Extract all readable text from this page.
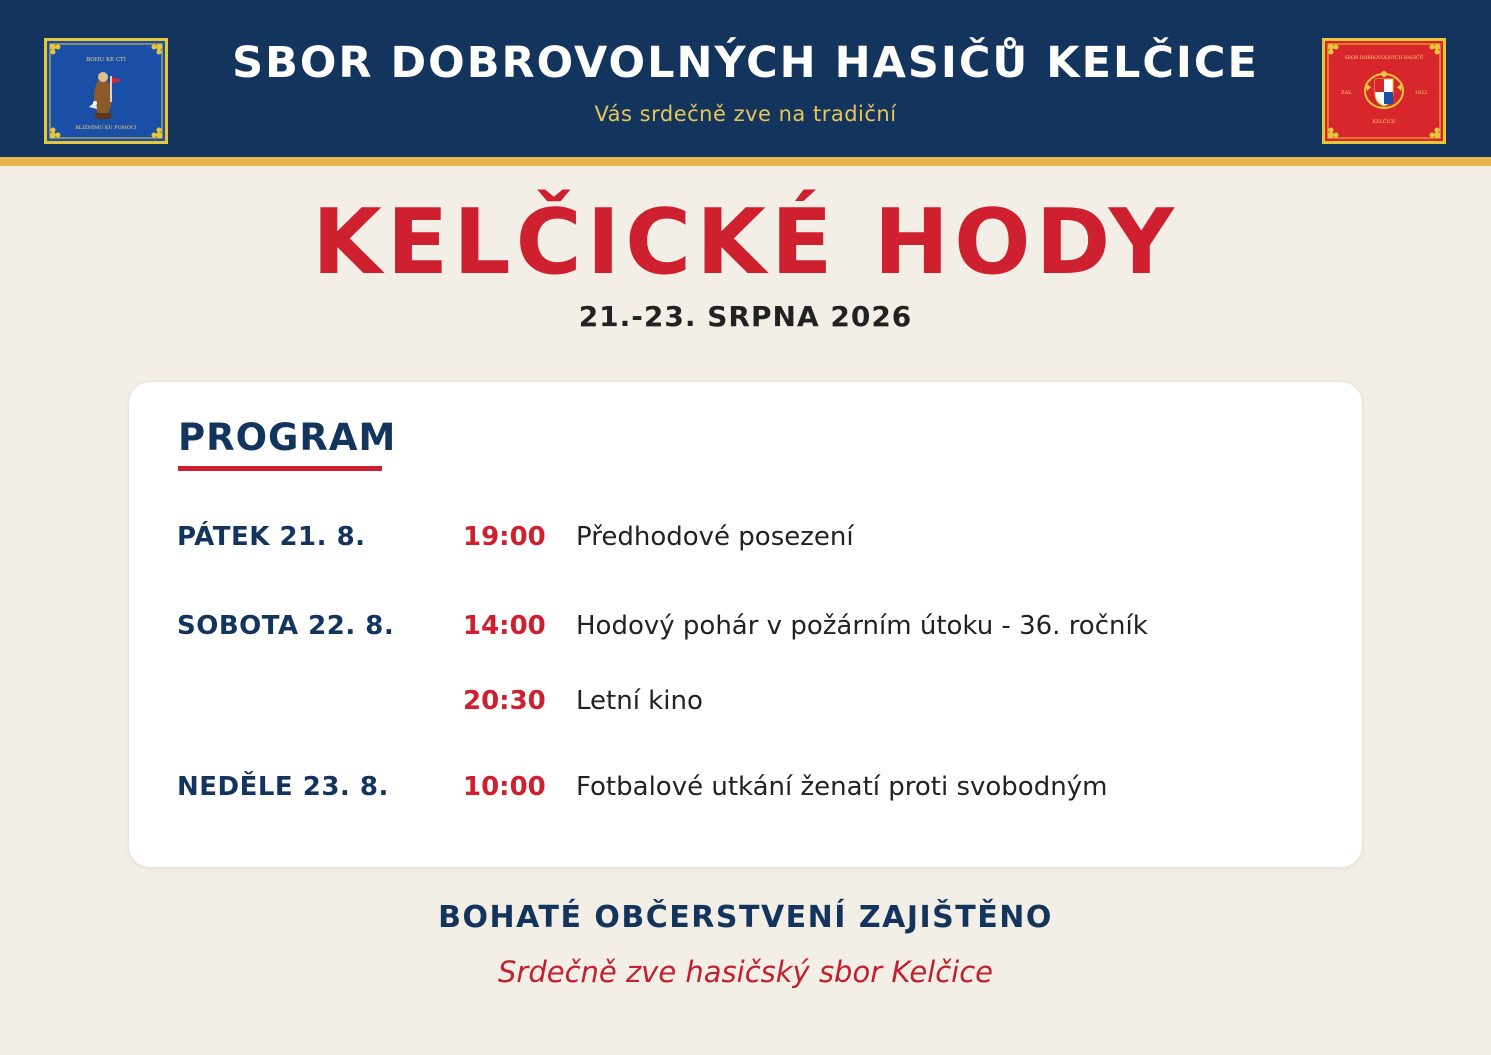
BOHU KE CTI
BLIŽNÍMU KU POMOCI
SBOR DOBROVOLNÝCH HASIČŮ KELČICE
Vás srdečně zve na tradiční
SBOR DOBROVOLNÝCH HASIČŮ
ZAL.	1922
KELČICE
KELČICKÉ HODY
21.-23. SRPNA 2026
PROGRAM
PÁTEK 21. 8.	19:00 Předhodové posezení
SOBOTA 22. 8.	14:00 Hodový pohár v požárním útoku - 36. ročník
20:30 Letní kino
NEDĚLE 23. 8.	10:00 Fotbalové utkání ženatí proti svobodným
BOHATÉ OBČERSTVENÍ ZAJIŠTĚNO
Srdečně zve hasičský sbor Kelčice
